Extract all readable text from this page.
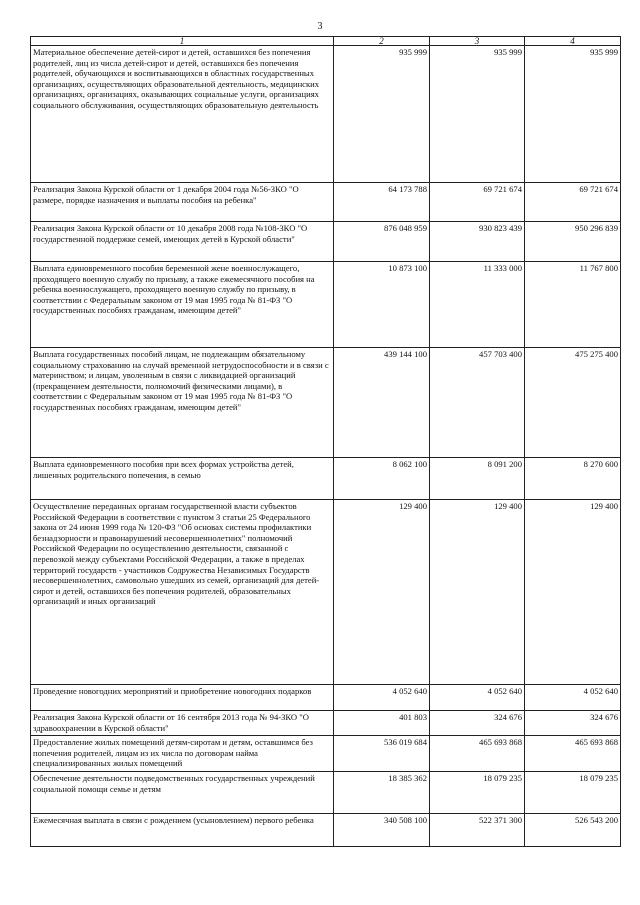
3
1	2	3	4
Материальное обеспечение детей-сирот и детей, оставшихся без попечения родителей, лиц из числа детей-сирот и детей, оставшихся без попечения родителей, обучающихся и воспитывающихся в областных государственных организациях, осуществляющих образовательной деятельность, медицинских организациях, организациях, оказывающих социальные услуги, организациях социального обслуживания, осуществляющих образовательную деятельность	935 999	935 999	935 999
Реализация Закона Курской области от 1 декабря 2004 года №56-ЗКО "О размере, порядке назначения и выплаты пособия на ребенка"	64 173 788	69 721 674	69 721 674
Реализация Закона Курской области от 10 декабря 2008 года №108-ЗКО "О государственной поддержке семей, имеющих детей в Курской области"	876 048 959	930 823 439	950 296 839
Выплата единовременного пособия беременной жене военнослужащего, проходящего военную службу по призыву, а также ежемесячного пособия на ребенка военнослужащего, проходящего военную службу по призыву, в соответствии с Федеральным законом от 19 мая 1995 года № 81-ФЗ "О государственных пособиях гражданам, имеющим детей"	10 873 100	11 333 000	11 767 800
Выплата государственных пособий лицам, не подлежащим обязательному социальному страхованию на случай временной нетрудоспособности и в связи с материнством; и лицам, уволенным в связи с ликвидацией организаций (прекращением деятельности, полномочий физическими лицами), в соответствии с Федеральным законом от 19 мая 1995 года № 81-ФЗ "О государственных пособиях гражданам, имеющим детей"	439 144 100	457 703 400	475 275 400
Выплата единовременного пособия при всех формах устройства детей, лишенных родительского попечения, в семью	8 062 100	8 091 200	8 270 600
Осуществление переданных органам государственной власти субъектов Российской Федерации в соответствии с пунктом 3 статьи 25 Федерального закона от 24 июня 1999 года № 120-ФЗ "Об основах системы профилактики безнадзорности и правонарушений несовершеннолетних" полномочий Российской Федерации по осуществлению деятельности, связанной с перевозкой между субъектами Российской Федерации, а также в пределах территорий государств - участников Содружества Независимых Государств несовершеннолетних, самовольно ушедших из семей, организаций для детей-сирот и детей, оставшихся без попечения родителей, образовательных организаций и иных организаций	129 400	129 400	129 400
Проведение новогодних мероприятий и приобретение новогодних подарков	4 052 640	4 052 640	4 052 640
Реализация Закона Курской области от 16 сентября 2013 года № 94-ЗКО "О здравоохранении в Курской области"	401 803	324 676	324 676
Предоставление жилых помещений детям-сиротам и детям, оставшимся без попечения родителей, лицам из их числа по договорам найма специализированных жилых помещений	536 019 684	465 693 868	465 693 868
Обеспечение деятельности подведомственных государственных учреждений социальной помощи семье и детям	18 385 362	18 079 235	18 079 235
Ежемесячная выплата в связи с рождением (усыновлением) первого ребенка	340 508 100	522 371 300	526 543 200
